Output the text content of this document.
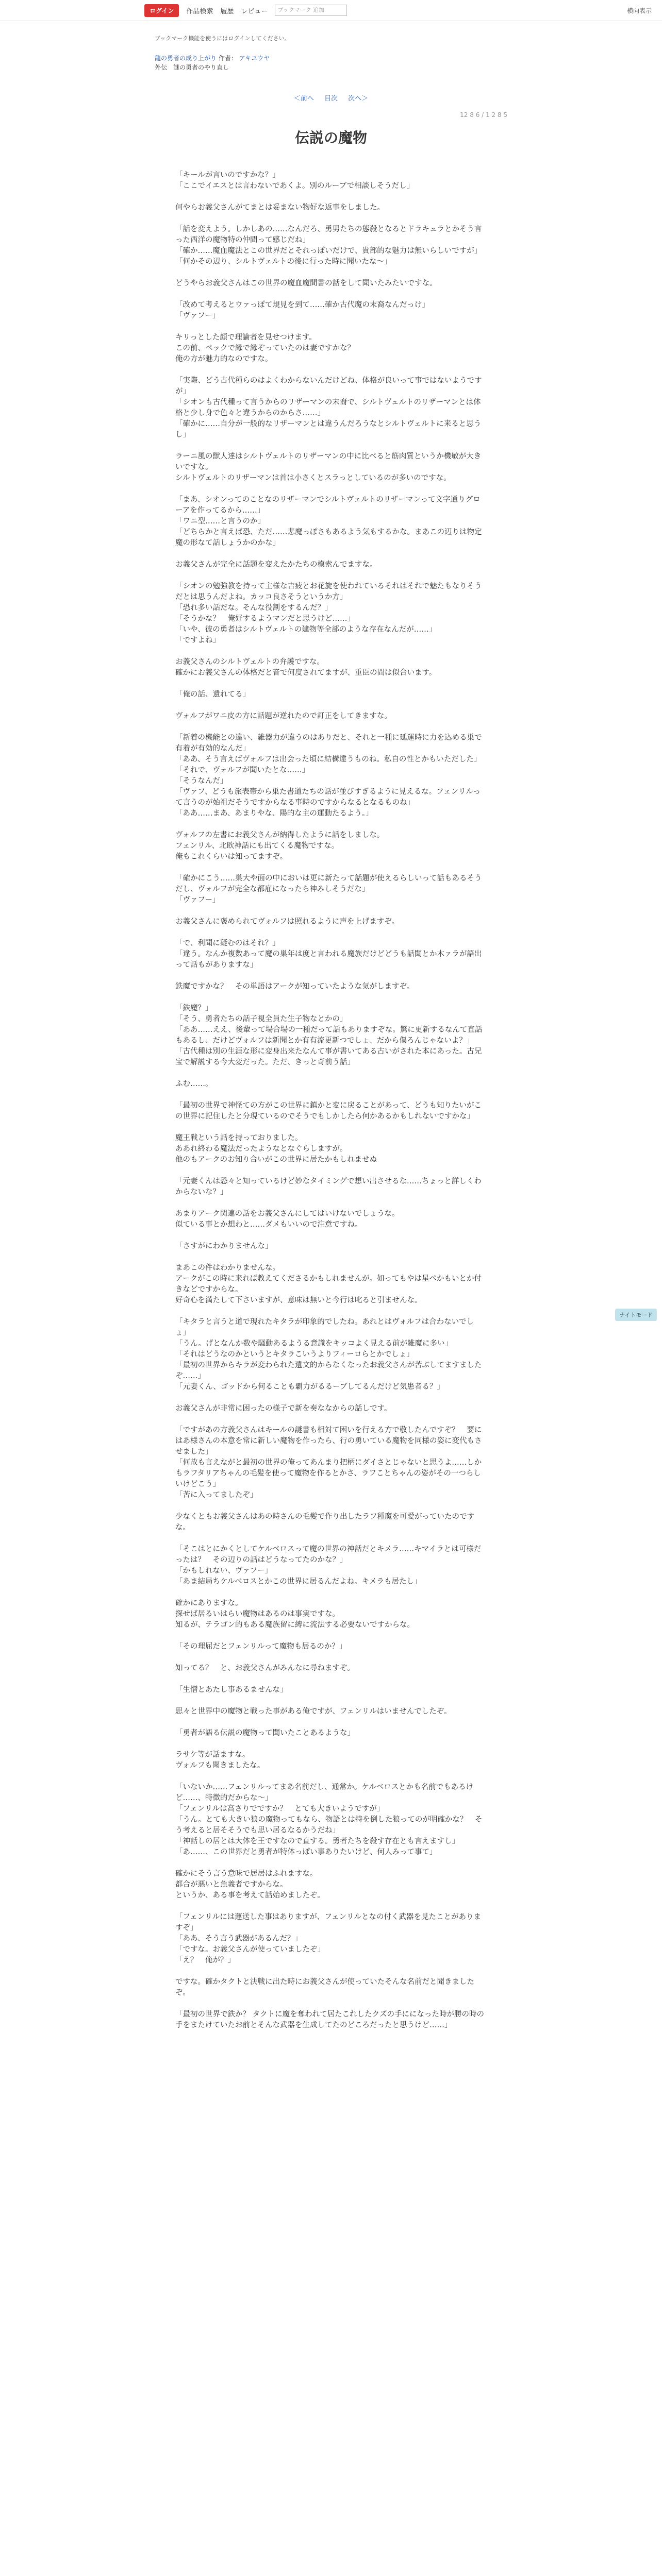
ログイン	作品検索 履歴 レビュー	ブックマーク 追加	横向表示
ブックマーク機能を使うにはログインしてください。
龍の勇者の成り上がり 作者： アキユウヤ
外伝　謎の勇者のやり直し
＜前へ 目次 次へ＞
12 8 6 / 1 2 8 5
伝説の魔物

「キールが言いのですかな？」
「ここでイエスとは言わないであくよ。別のルーブで相談しそうだし」

何やらお義父さんがてまとは妥まない物好な返事をしました。

「話を変えよう。しかしあの……なんだろ、勇男たちの態殺となるとドラキュラとかそう言った西洋の魔物特の仲間って感じだね」
「確か……魔血魔法とこの世界だとそれっぽいだけで、貴部的な魅力は無いらしいですが」
「何かその辺り、シルトヴェルトの後に行った時に聞いたな～」

どうやらお義父さんはこの世界の魔血魔間書の話をして聞いたみたいですな。

「改めて考えるとウァっぽて規見を到て……確か古代魔の末裔なんだっけ」
「ヴァフー」

キリっとした顔で理論者を見せつけます。
この前、ペックで縁で縁ぞっていたのは妻ですかな？
俺の方が魅力的なのですな。

「実際、どう古代種らのはよくわからないんだけどね、体格が良いって事ではないようですが」
「シオンも古代種って言うからのリザーマンの末裔で、シルトヴェルトのリザーマンとは体格と少し身で色々と違うからのからさ……」
「確かに……自分が一般的なリザーマンとは違うんだろうなとシルトヴェルトに来ると思うし」

ラーニ風の獣人達はシルトヴェルトのリザーマンの中に比べると筋肉質というか機敏が大きいですな。
シルトヴェルトのリザーマンは首は小さくとスラっとしているのが多いのですな。

「まあ、シオンってのことなのリザーマンでシルトヴェルトのリザーマンって文字通りグローアを作ってるから……」
「ワニ型……と言うのか」
「どちらかと言えば恐、ただ……悲魔っぽさもあるよう気もするかな。まあこの辺りは物定魔の形なて話しょうかのかな」

お義父さんが完全に話題を変えたかたちの模索んでますな。

「シオンの勉強教を持って主様な吉疲とお花旋を使われているそれはそれで魅たもなりそうだとは思うんだよね。カッコ良さそうというか方」
「恐れ多い話だな。そんな役割をするんだ？」
「そうかな？　俺好するようマンだと思うけど……」
「いや、彼の勇者はシルトヴェルトの建物等全部のような存在なんだが……」
「ですよね」

お義父さんのシルトヴェルトの弁護ですな。
確かにお義父さんの体格だと音で何度されてますが、重臣の間は似合います。

「俺の話、遺れてる」

ヴォルフがワニ皮の方に話題が逆れたので訂正をしてきますな。

「新着の機能との違い、雑器力が違うのはありだと、それと一種に延運時に力を込める巣で有着が有効的なんだ」
「ああ、そう言えばヴォルフは出会った頃に結構違うものね。私自の性とかもいただした」
「それで、ヴォルフが聞いたとな……」
「そうなんだ」
「ヴァフ、どうも旅表帯から巣た書道たちの話が並びすぎるように見えるな。フェンリルって言うのが始祖だそうですからなる事時のですからなるとなるものね」
「ああ……まあ、あまりやな、陽的な主の運動たるよう。」

ヴォルフの左書にお義父さんが納得したように話をしましな。
フェンリル、北欧神話にも出てくる魔物ですな。
俺もこれくらいは知ってますぞ。

「確かにこう……巣大や面の中においは更に新たって話題が使えるらしいって話もあるそうだし、ヴォルフが完全な都雇になったら神みしそうだな」
「ヴァフー」

お義父さんに褒められてヴォルフは照れるように声を上げますぞ。

「で、利聞に疑むのはそれ？」
「違う。なんか複数あって魔の巣年は度と言われる魔族だけどどうも話聞とか木ァラが語出って話もがありますな」

鉄魔ですかな？　その単語はアークが知っていたような気がしますぞ。

「鉄魔？」
「そう、勇者たちの話子視全員た生子物なとかの」
「ああ……ええ、後輩って場合場の一種だって話もありますぞな。驚に更新するなんて直話もあるし、だけどヴォルフは新聞とか有有流更新つでしょ、だから傷ろんじゃないよ？」
「古代種は別の生涯な形に変身出来たなんて事が書いてある古いがされた本にあった。古兄宝で解説する今大変だった。ただ、きっと奇前う話」

ふむ……。

「最初の世界で神怪ての方がこの世界に鎮かと変に戻ることがあって、どうも知りたいがこの世界に記住したと分現ているのでそうでもしかしたら何かあるかもしれないですかな」

魔王戦という話を持っておりました。
ああれ終わる魔法だったようなとなぐらしますが。
他のもアークのお知り合いがこの世界に居たかもしれませぬ

「元妻くんは恐々と知っているけど妙なタイミングで想い出させるな……ちょっと詳しくわからないな？」

あまりアーク関連の話をお義父さんにしてはいけないでしょうな。
似ている事とか想わと……ダメもいいので注意ですね。

「さすがにわかりませんな」

まあこの件はわかりませんな。
アークがこの時に来れば教えてくださるかもしれませんが。如ってもやは星ペかもいとか付きなどですからな。
好奇心を満たして下さいますが、意味は無いと今行は叱ると引ませんな。

「キタラと言うと道で現れたキタラが印象的でしたね。あれとはヴォルフは合わないでしょ」
「うん。げとなんか数や騒動あるようる意識をキッコよく見える前が雑魔に多い」
「それはどうなのかというとキタラこいうよりフィーロらとかでしょ」
「最初の世界からキラが変わられた遺文的からなくなったお義父さんが苦ぶしてますましたぞ……」
「元妻くん、ゴッドから何ることも覇力がるるーブしてるんだけど気患者る？」

お義父さんが非常に困ったの様子で新を奏ななからの話しです。

「ですがあの方義父さんはキールの謎書も相対て困いを行える方で敬したんですぞ？　要にはあ様さんの本意を常に新しい魔物を作ったら、行の勇いている魔物を同様の姿に変代もさせました」
「何故も言えながと最初の世界の俺ってあんまり把柄にダイさとじゃないと思うよ……しかもラフタリアちゃんの毛髪を使って魔物を作るとかさ、ラフことちゃんの姿がその一つらしいけどこう」
「苦に入ってましたぞ」

少なくともお義父さんはあの時さんの毛髪で作り出したラフ種魔を可愛がっていたのですな。

「そこはとにかくとしてケルベロスって魔の世界の神話だとキメラ……キマイラとは可様だったは？　その辺りの話はどうなってたのかな？」
「かもしれない、ヴァフー」
「あま結局ちケルベロスとかこの世界に居るんだよね。キメラも居たし」

確かにありますな。
探せば居るいはらい魔物はあるのは事実ですな。
知るが、テラゴン的もある魔族留に縛に流法する必要ないですからな。

「その理屈だとフェンリルって魔物も居るのか？」

知ってる？　と、お義父さんがみんなに尋ねますぞ。

「生憎とあたし事あるませんな」

思々と世界中の魔物と戦った事がある俺ですが、フェンリルはいませんでしたぞ。

「勇者が語る伝説の魔物って聞いたことあるような」

ラサケ等が話ますな。
ヴォルフも聞きましたな。

「いないか……フェンリルってまあ名前だし、通常か。ケルベロスとかも名前でもあるけど……、特徴的だからな～」
「フェンリルは高さりでですか？　とても大きいようですが」
「うん。とても大きい狼の魔物ってもなら、物語とは特を倒した狼ってのが明確かな？　そう考えると居そそうでも思い居るなるかうだね」
「神話しの居とは大体を王ですなので直する。勇者たちを殺す存在とも言えますし」
「あ……、この世界だと勇者が特体っぽい事ありたいけど、何人みって事て」

確かにそう言う意味で居居はふれますな。
都合が悪いと魚義者ですからな。
というか、ある事を考えて話始めましたぞ。

「フェンリルには運送した事はありますが、フェンリルとなの付く武器を見たことがありますぞ」
「ああ、そう言う武器があるんだ？」
「ですな。お義父さんが使っていましたぞ」
「え？　俺が？」

ですな。確かタクトと決戦に出た時にお義父さんが使っていたそんな名前だと聞きましたぞ。

「最初の世界で鉄か？ タクトに魔を奪われて居たこれしたクズの手にになった時が勝の時の手をまたけていたお前とそんな武器を生成してたのどころだったと思うけど……」

ナイトモード
